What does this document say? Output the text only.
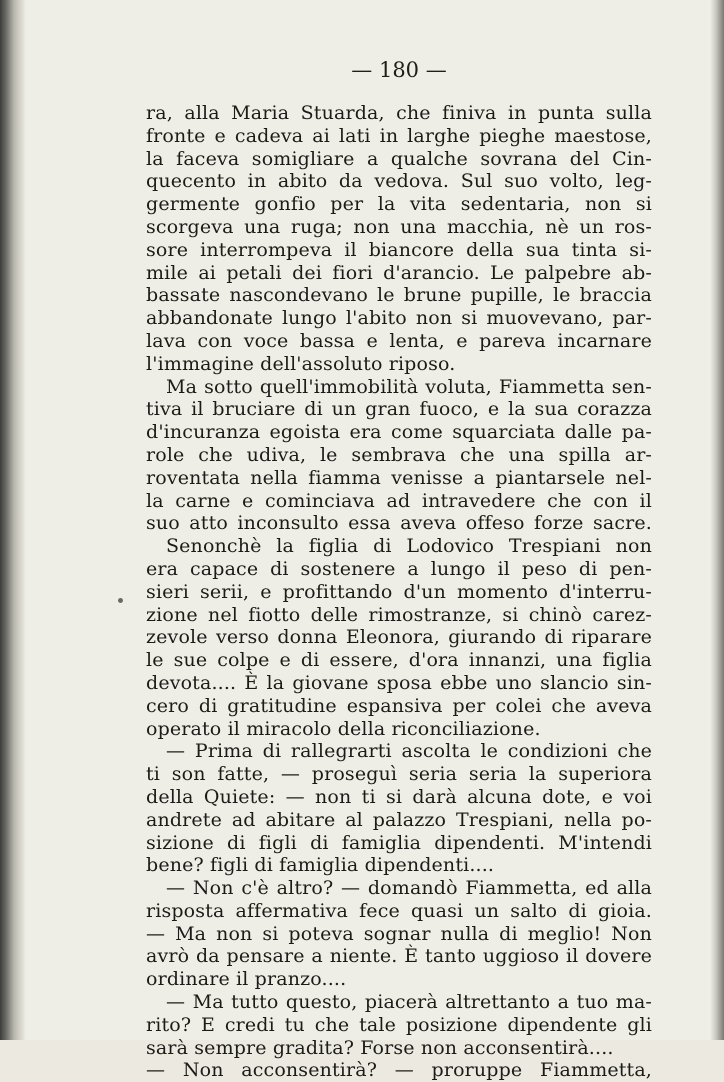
— 180 —
ra, alla Maria Stuarda, che finiva in punta sulla
fronte e cadeva ai lati in larghe pieghe maestose,
la faceva somigliare a qualche sovrana del Cin-
quecento in abito da vedova. Sul suo volto, leg-
germente gonfio per la vita sedentaria, non si
scorgeva una ruga; non una macchia, nè un ros-
sore interrompeva il biancore della sua tinta si-
mile ai petali dei fiori d'arancio. Le palpebre ab-
bassate nascondevano le brune pupille, le braccia
abbandonate lungo l'abito non si muovevano, par-
lava con voce bassa e lenta, e pareva incarnare
l'immagine dell'assoluto riposo.
Ma sotto quell'immobilità voluta, Fiammetta sen-
tiva il bruciare di un gran fuoco, e la sua corazza
d'incuranza egoista era come squarciata dalle pa-
role che udiva, le sembrava che una spilla ar-
roventata nella fiamma venisse a piantarsele nel-
la carne e cominciava ad intravedere che con il
suo atto inconsulto essa aveva offeso forze sacre.
Senonchè la figlia di Lodovico Trespiani non
era capace di sostenere a lungo il peso di pen-
sieri serii, e profittando d'un momento d'interru-
zione nel fiotto delle rimostranze, si chinò carez-
zevole verso donna Eleonora, giurando di riparare
le sue colpe e di essere, d'ora innanzi, una figlia
devota.... È la giovane sposa ebbe uno slancio sin-
cero di gratitudine espansiva per colei che aveva
operato il miracolo della riconciliazione.
— Prima di rallegrarti ascolta le condizioni che
ti son fatte, — proseguì seria seria la superiora
della Quiete: — non ti si darà alcuna dote, e voi
andrete ad abitare al palazzo Trespiani, nella po-
sizione di figli di famiglia dipendenti. M'intendi
bene? figli di famiglia dipendenti....
— Non c'è altro? — domandò Fiammetta, ed alla
risposta affermativa fece quasi un salto di gioia.
— Ma non si poteva sognar nulla di meglio! Non
avrò da pensare a niente. È tanto uggioso il dovere
ordinare il pranzo....
— Ma tutto questo, piacerà altrettanto a tuo ma-
rito? E credi tu che tale posizione dipendente gli
sarà sempre gradita? Forse non acconsentirà....
— Non acconsentirà? — proruppe Fiammetta,
